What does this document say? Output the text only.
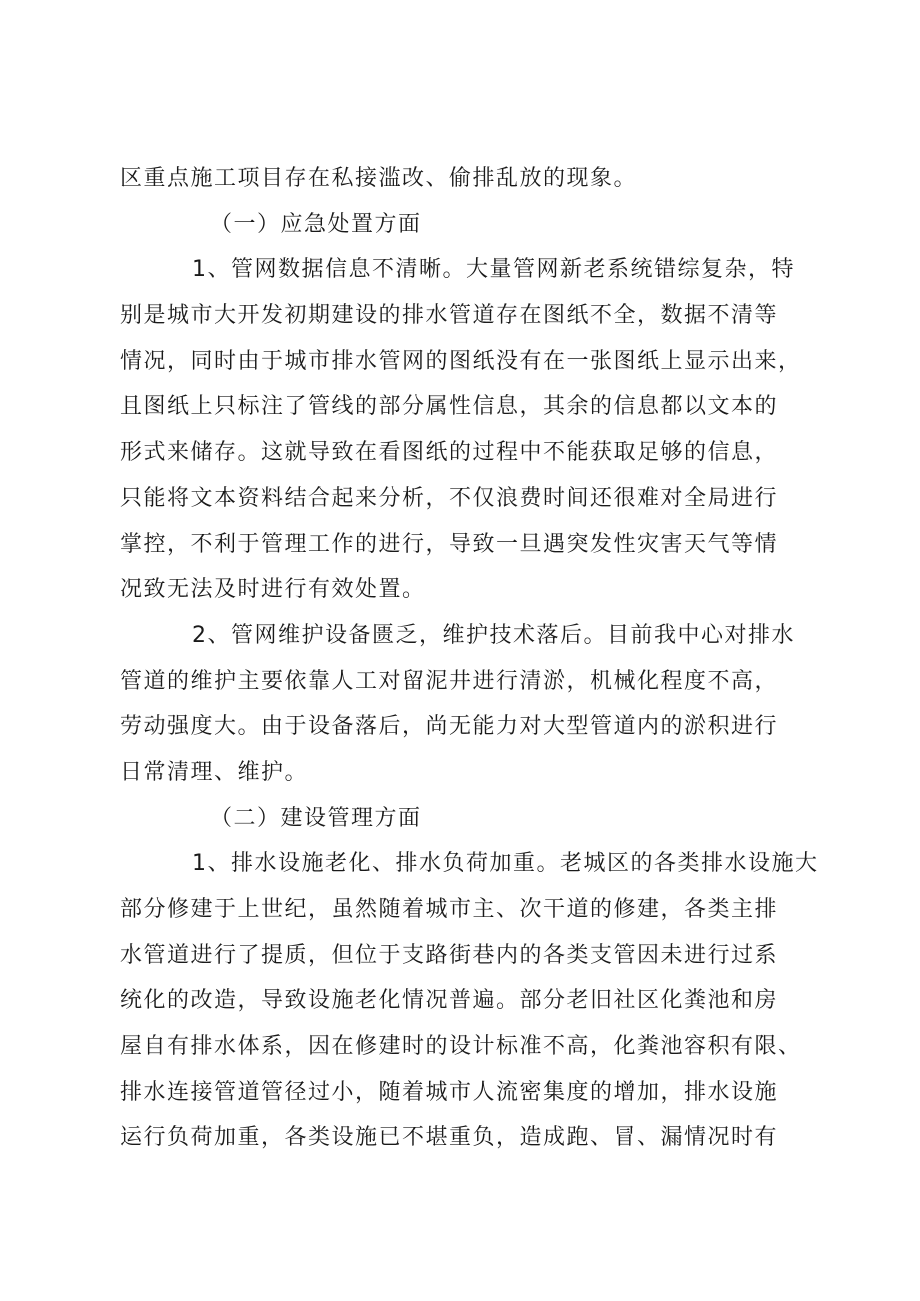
区重点施工项目存在私接滥改、偷排乱放的现象。
（一）应急处置方面
1、管网数据信息不清晰。大量管网新老系统错综复杂，特
别是城市大开发初期建设的排水管道存在图纸不全，数据不清等
情况，同时由于城市排水管网的图纸没有在一张图纸上显示出来，
且图纸上只标注了管线的部分属性信息，其余的信息都以文本的
形式来储存。这就导致在看图纸的过程中不能获取足够的信息，
只能将文本资料结合起来分析，不仅浪费时间还很难对全局进行
掌控，不利于管理工作的进行，导致一旦遇突发性灾害天气等情
况致无法及时进行有效处置。
2、管网维护设备匮乏，维护技术落后。目前我中心对排水
管道的维护主要依靠人工对留泥井进行清淤，机械化程度不高，
劳动强度大。由于设备落后，尚无能力对大型管道内的淤积进行
日常清理、维护。
（二）建设管理方面
1、排水设施老化、排水负荷加重。老城区的各类排水设施大
部分修建于上世纪，虽然随着城市主、次干道的修建，各类主排
水管道进行了提质，但位于支路街巷内的各类支管因未进行过系
统化的改造，导致设施老化情况普遍。部分老旧社区化粪池和房
屋自有排水体系，因在修建时的设计标准不高，化粪池容积有限、
排水连接管道管径过小，随着城市人流密集度的增加，排水设施
运行负荷加重，各类设施已不堪重负，造成跑、冒、漏情况时有
